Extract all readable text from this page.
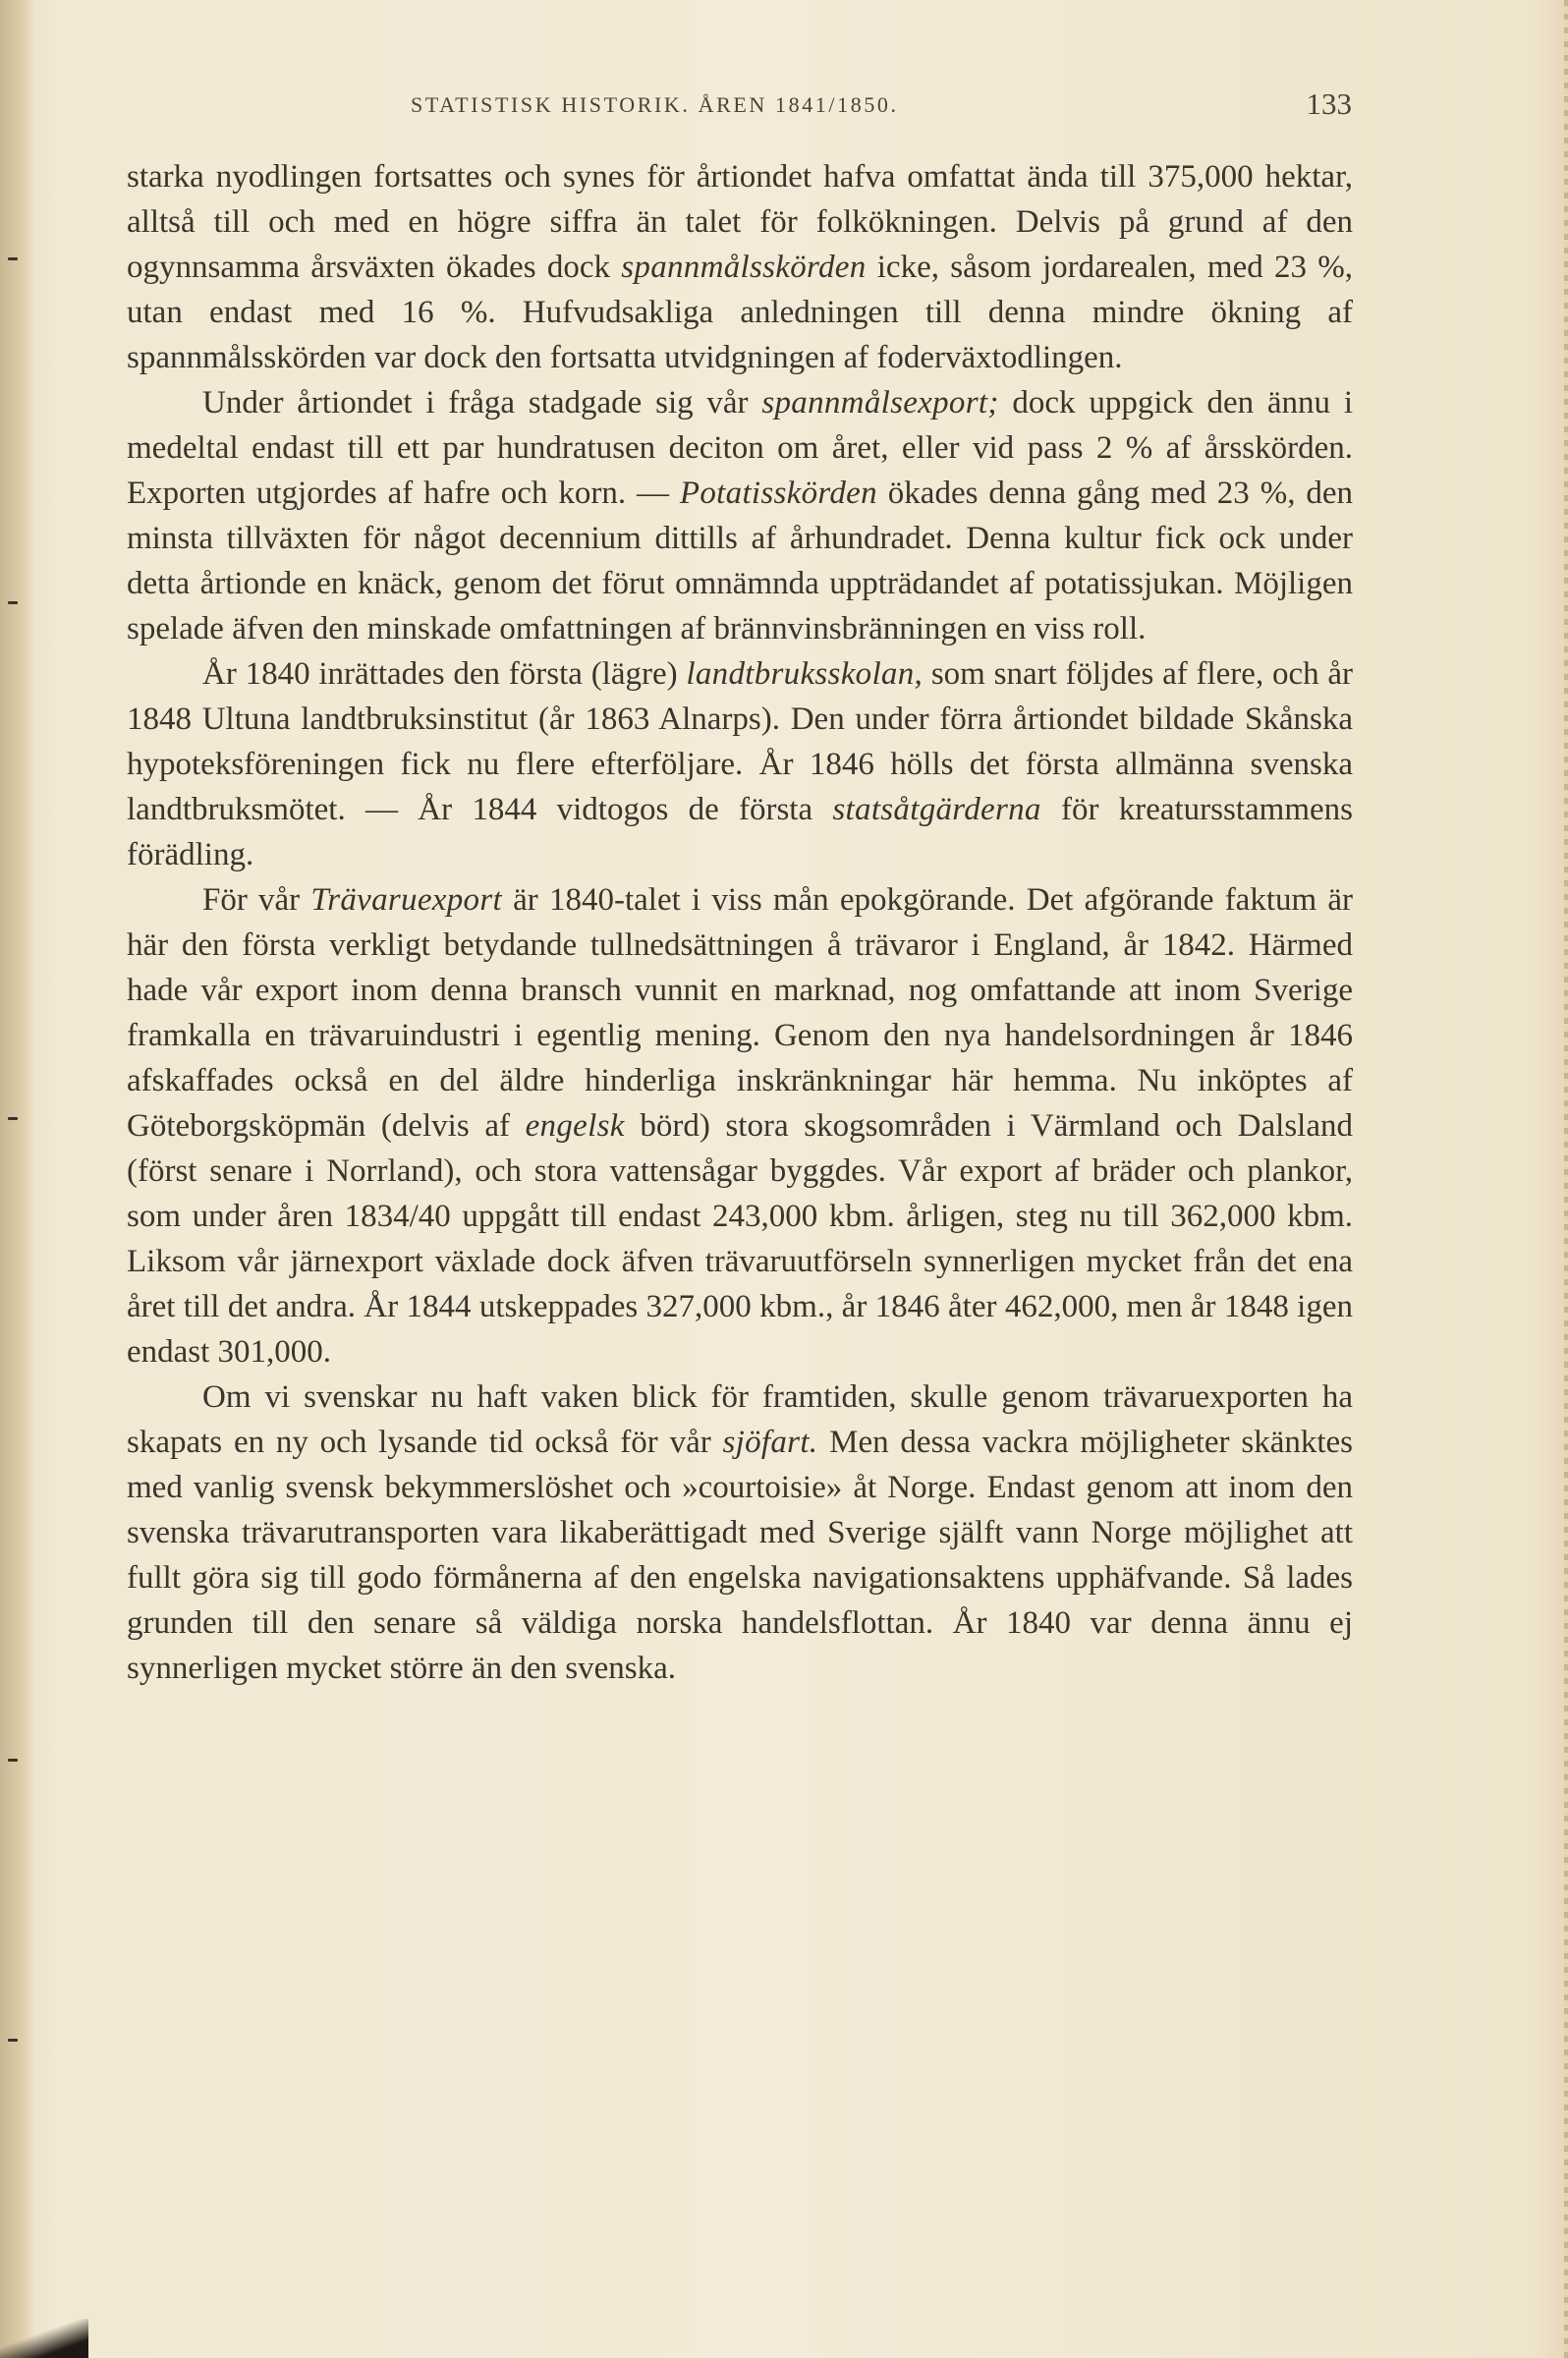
STATISTISK HISTORIK. ÅREN 1841/1850.	133

starka nyodlingen fortsattes och synes för årtiondet hafva omfattat ända till 375,000 hektar, alltså till och med en högre siffra än talet för folkökningen. Delvis på grund af den ogynnsamma årsväxten ökades dock spannmålsskörden icke, såsom jordarealen, med 23 %, utan endast med 16 %. Hufvudsakliga anledningen till denna mindre ökning af spannmålsskörden var dock den fortsatta utvidgningen af foderväxtodlingen.

Under årtiondet i fråga stadgade sig vår spannmålsexport; dock uppgick den ännu i medeltal endast till ett par hundratusen deciton om året, eller vid pass 2 % af årsskörden. Exporten utgjordes af hafre och korn. — Potatisskörden ökades denna gång med 23 %, den minsta tillväxten för något decennium dittills af århundradet. Denna kultur fick ock under detta årtionde en knäck, genom det förut omnämnda uppträdandet af potatissjukan. Möjligen spelade äfven den minskade omfattningen af brännvinsbränningen en viss roll.

År 1840 inrättades den första (lägre) landtbruksskolan, som snart följdes af flere, och år 1848 Ultuna landtbruksinstitut (år 1863 Alnarps). Den under förra årtiondet bildade Skånska hypoteksföreningen fick nu flere efterföljare. År 1846 hölls det första allmänna svenska landtbruksmötet. — År 1844 vidtogos de första statsåtgärderna för kreatursstammens förädling.

För vår Trävaruexport är 1840-talet i viss mån epokgörande. Det afgörande faktum är här den första verkligt betydande tullnedsättningen å trävaror i England, år 1842. Härmed hade vår export inom denna bransch vunnit en marknad, nog omfattande att inom Sverige framkalla en trävaruindustri i egentlig mening. Genom den nya handelsordningen år 1846 afskaffades också en del äldre hinderliga inskränkningar här hemma. Nu inköptes af Göteborgsköpmän (delvis af engelsk börd) stora skogsområden i Värmland och Dalsland (först senare i Norrland), och stora vattensågar byggdes. Vår export af bräder och plankor, som under åren 1834/40 uppgått till endast 243,000 kbm. årligen, steg nu till 362,000 kbm. Liksom vår järnexport växlade dock äfven trävaruutförseln synnerligen mycket från det ena året till det andra. År 1844 utskeppades 327,000 kbm., år 1846 åter 462,000, men år 1848 igen endast 301,000.

Om vi svenskar nu haft vaken blick för framtiden, skulle genom trävaruexporten ha skapats en ny och lysande tid också för vår sjöfart. Men dessa vackra möjligheter skänktes med vanlig svensk bekymmerslöshet och »courtoisie» åt Norge. Endast genom att inom den svenska trävarutransporten vara likaberättigadt med Sverige själft vann Norge möjlighet att fullt göra sig till godo förmånerna af den engelska navigationsaktens upphäfvande. Så lades grunden till den senare så väldiga norska handelsflottan. År 1840 var denna ännu ej synnerligen mycket större än den svenska.
